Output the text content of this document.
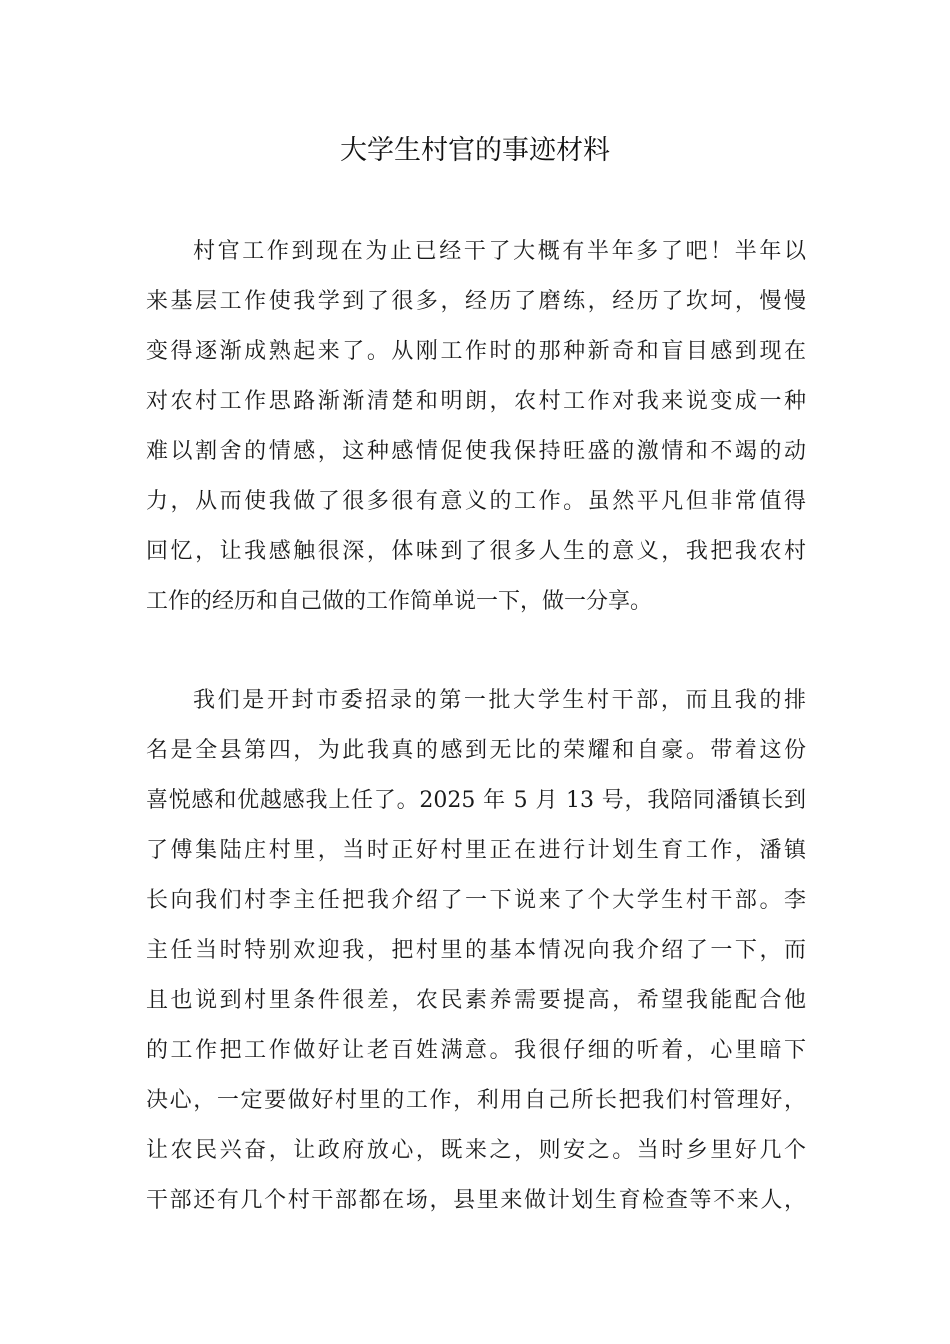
大学生村官的事迹材料
村官工作到现在为止已经干了大概有半年多了吧！半年以
来基层工作使我学到了很多，经历了磨练，经历了坎坷，慢慢
变得逐渐成熟起来了。从刚工作时的那种新奇和盲目感到现在
对农村工作思路渐渐清楚和明朗，农村工作对我来说变成一种
难以割舍的情感，这种感情促使我保持旺盛的激情和不竭的动
力，从而使我做了很多很有意义的工作。虽然平凡但非常值得
回忆，让我感触很深，体味到了很多人生的意义，我把我农村
工作的经历和自己做的工作简单说一下，做一分享。
我们是开封市委招录的第一批大学生村干部，而且我的排
名是全县第四，为此我真的感到无比的荣耀和自豪。带着这份
喜悦感和优越感我上任了。2025 年 5 月 13 号，我陪同潘镇长到
了傅集陆庄村里，当时正好村里正在进行计划生育工作，潘镇
长向我们村李主任把我介绍了一下说来了个大学生村干部。李
主任当时特别欢迎我，把村里的基本情况向我介绍了一下，而
且也说到村里条件很差，农民素养需要提高，希望我能配合他
的工作把工作做好让老百姓满意。我很仔细的听着，心里暗下
决心，一定要做好村里的工作，利用自己所长把我们村管理好，
让农民兴奋，让政府放心，既来之，则安之。当时乡里好几个
干部还有几个村干部都在场，县里来做计划生育检查等不来人，
